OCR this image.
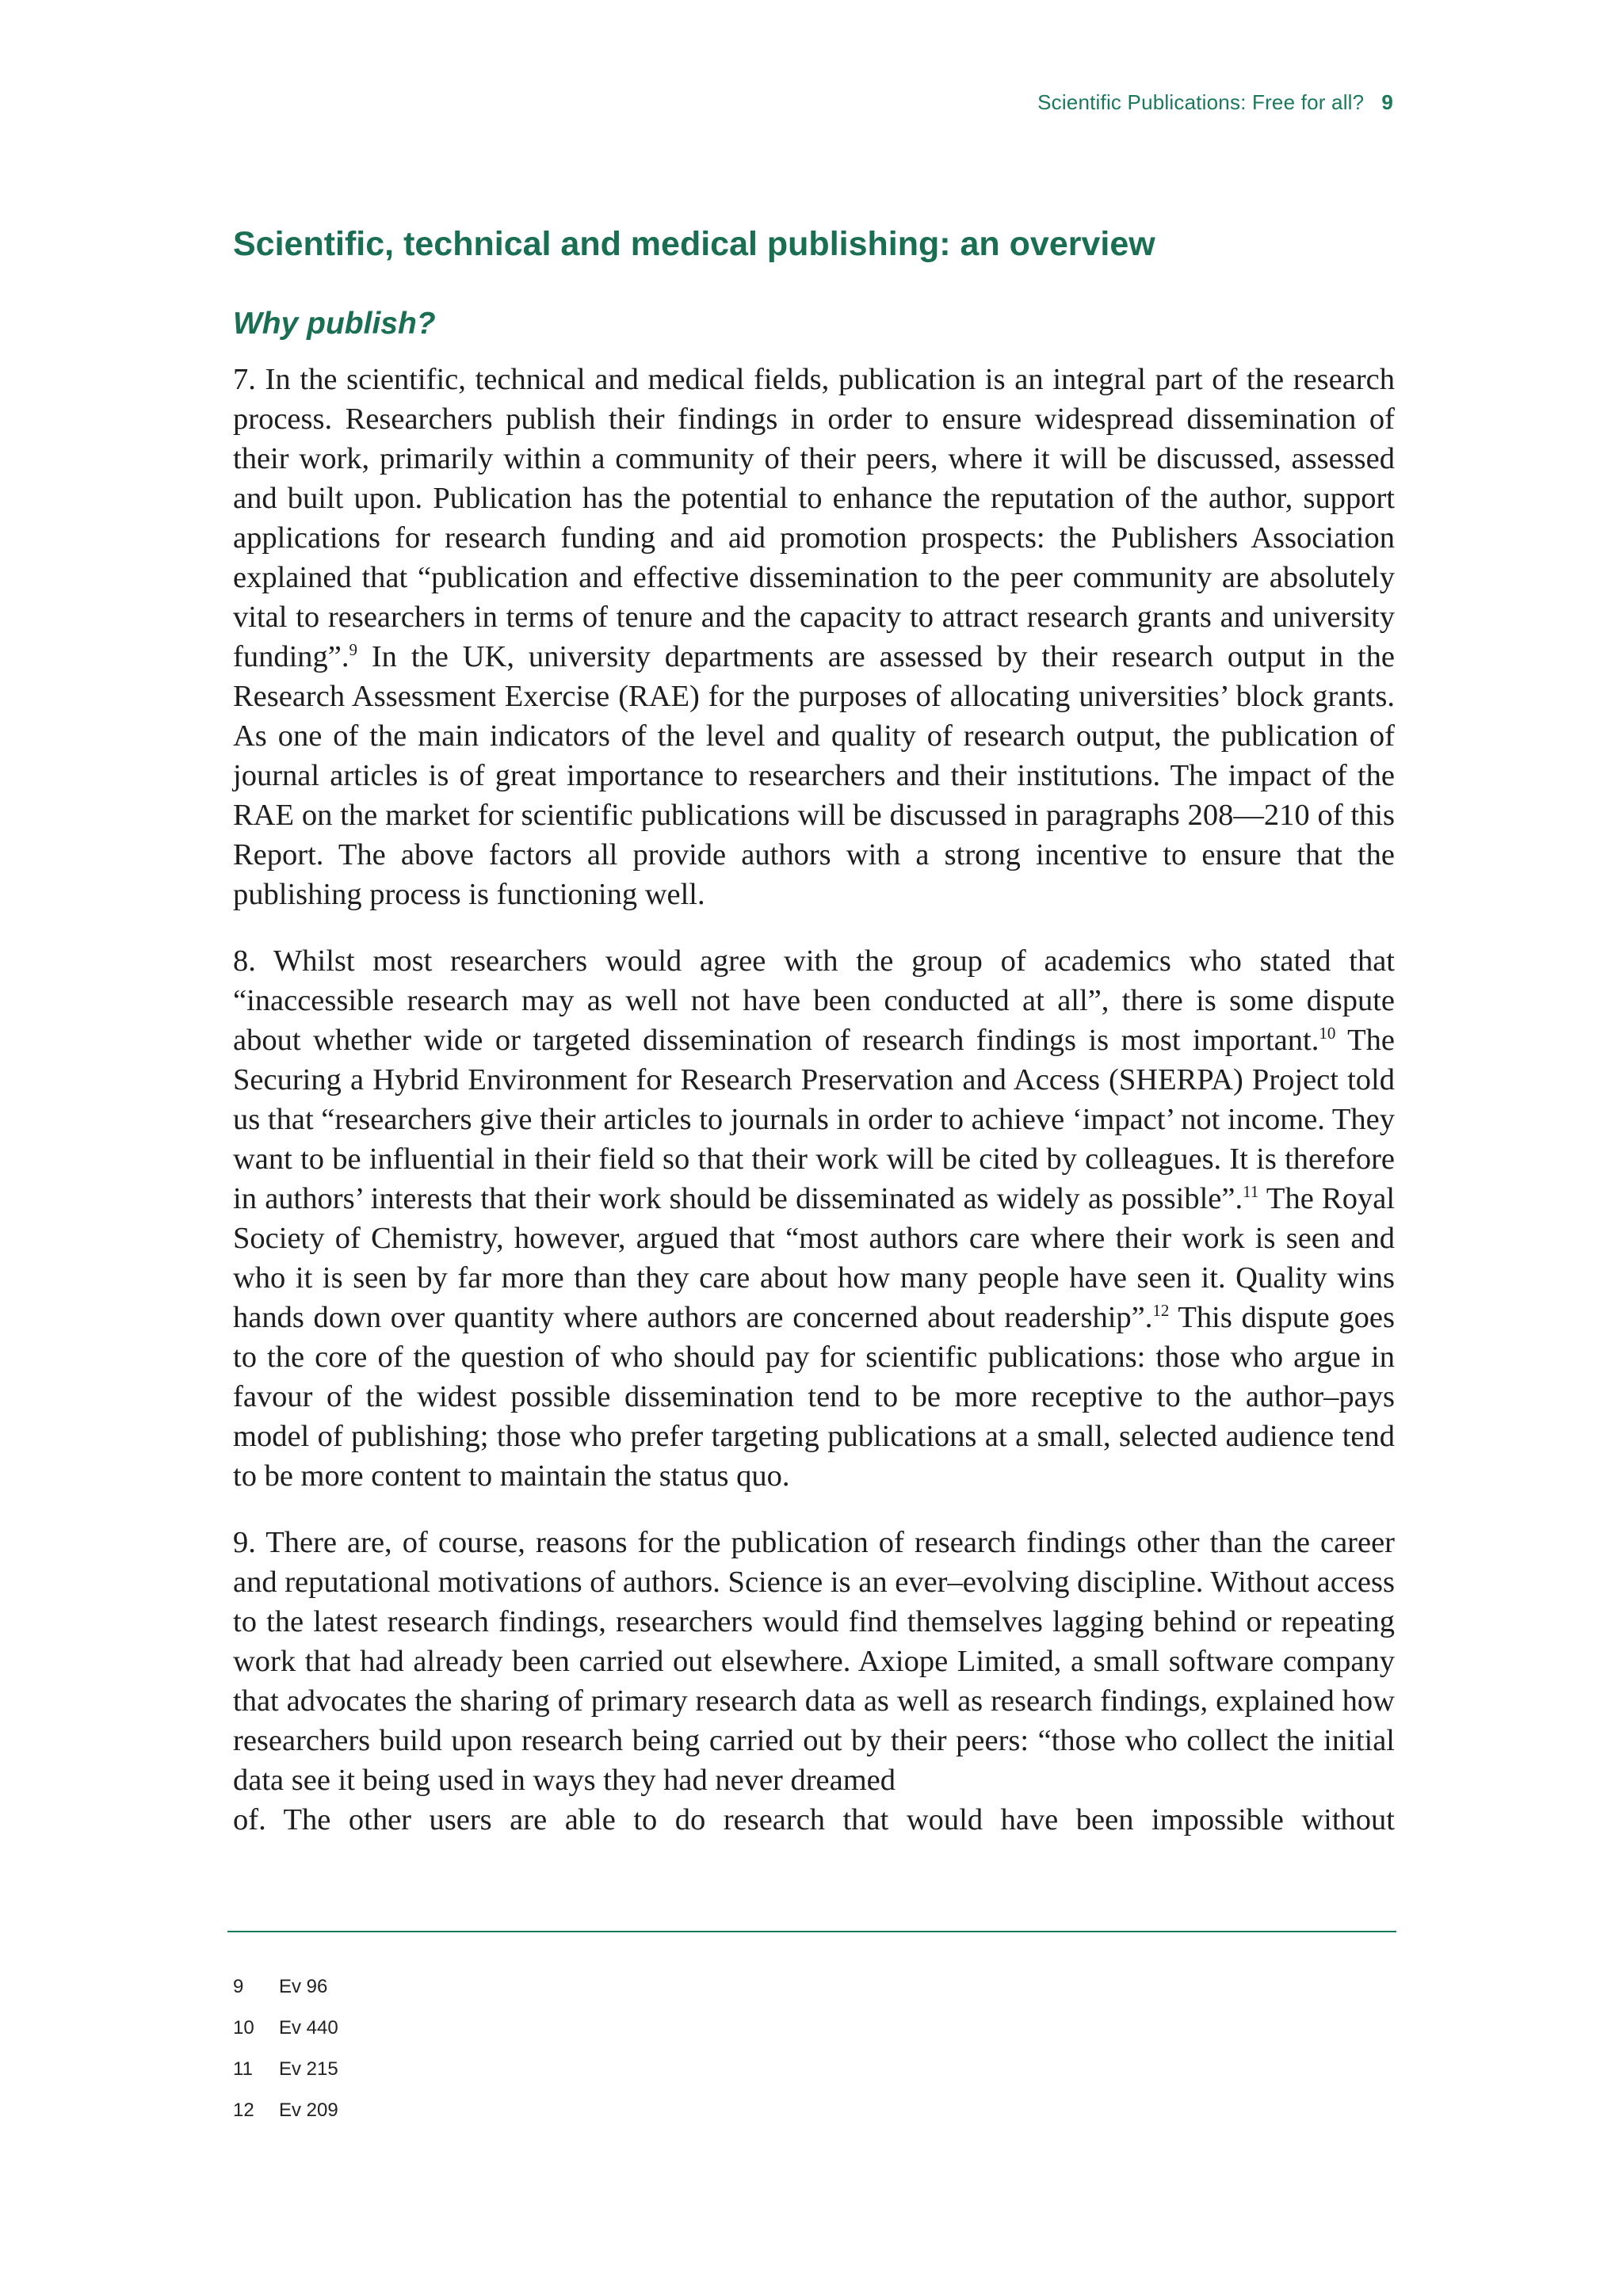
Scientific Publications: Free for all? 9
Scientific, technical and medical publishing: an overview
Why publish?

7. In the scientific, technical and medical fields, publication is an integral part of the research process. Researchers publish their findings in order to ensure widespread dissemination of their work, primarily within a community of their peers, where it will be discussed, assessed and built upon. Publication has the potential to enhance the reputation of the author, support applications for research funding and aid promotion prospects: the Publishers Association explained that “publication and effective dissemination to the peer community are absolutely vital to researchers in terms of tenure and the capacity to attract research grants and university funding”.$^9$ In the UK, university departments are assessed by their research output in the Research Assessment Exercise (RAE) for the purposes of allocating universities’ block grants. As one of the main indicators of the level and quality of research output, the publication of journal articles is of great importance to researchers and their institutions. The impact of the RAE on the market for scientific publications will be discussed in paragraphs 208—210 of this Report. The above factors all provide authors with a strong incentive to ensure that the publishing process is functioning well.

8. Whilst most researchers would agree with the group of academics who stated that “inaccessible research may as well not have been conducted at all”, there is some dispute about whether wide or targeted dissemination of research findings is most important.$^{10}$ The Securing a Hybrid Environment for Research Preservation and Access (SHERPA) Project told us that “researchers give their articles to journals in order to achieve ‘impact’ not income. They want to be influential in their field so that their work will be cited by colleagues. It is therefore in authors’ interests that their work should be disseminated as widely as possible”.$^{11}$ The Royal Society of Chemistry, however, argued that “most authors care where their work is seen and who it is seen by far more than they care about how many people have seen it. Quality wins hands down over quantity where authors are concerned about readership”.$^{12}$ This dispute goes to the core of the question of who should pay for scientific publications: those who argue in favour of the widest possible dissemination tend to be more receptive to the author–pays model of publishing; those who prefer targeting publications at a small, selected audience tend to be more content to maintain the status quo.

9. There are, of course, reasons for the publication of research findings other than the career and reputational motivations of authors. Science is an ever–evolving discipline. Without access to the latest research findings, researchers would find themselves lagging behind or repeating work that had already been carried out elsewhere. Axiope Limited, a small software company that advocates the sharing of primary research data as well as research findings, explained how researchers build upon research being carried out by their peers: “those who collect the initial data see it being used in ways they had never dreamed
of. The other users are able to do research that would have been impossible without

9 Ev 96
10 Ev 440
11 Ev 215
12 Ev 209
